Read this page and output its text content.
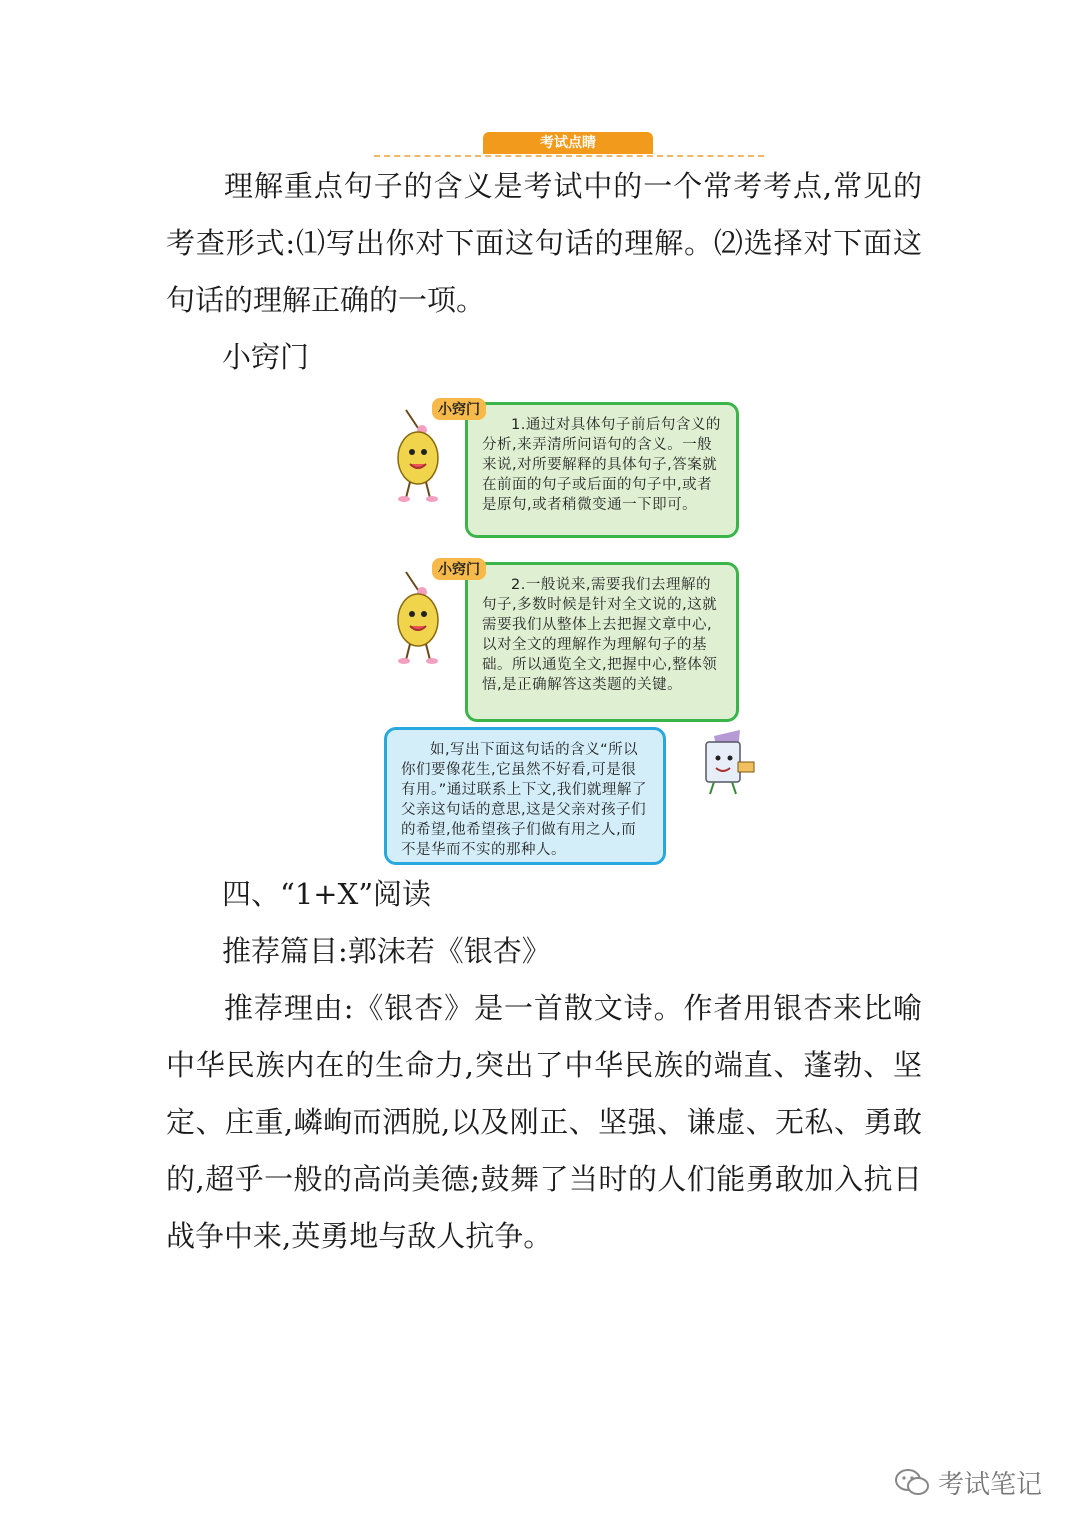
考试点睛

理解重点句子的含义是考试中的一个常考考点,常见的考查形式:⑴写出你对下面这句话的理解。⑵选择对下面这句话的理解正确的一项。

小窍门

1.通过对具体句子前后句含义的分析,来弄清所问语句的含义。一般来说,对所要解释的具体句子,答案就在前面的句子或后面的句子中,或者是原句,或者稍微变通一下即可。

小窍门

2.一般说来,需要我们去理解的句子,多数时候是针对全文说的,这就需要我们从整体上去把握文章中心,以对全文的理解作为理解句子的基础。所以通览全文,把握中心,整体领悟,是正确解答这类题的关键。

小窍门

如,写出下面这句话的含义“所以你们要像花生,它虽然不好看,可是很有用。”通过联系上下文,我们就理解了父亲这句话的意思,这是父亲对孩子们的希望,他希望孩子们做有用之人,而不是华而不实的那种人。

四、“1+X”阅读
推荐篇目:郭沫若《银杏》

推荐理由:《银杏》是一首散文诗。作者用银杏来比喻中华民族内在的生命力,突出了中华民族的端直、蓬勃、坚定、庄重,嶙峋而洒脱,以及刚正、坚强、谦虚、无私、勇敢的,超乎一般的高尚美德;鼓舞了当时的人们能勇敢加入抗日战争中来,英勇地与敌人抗争。

考试笔记
